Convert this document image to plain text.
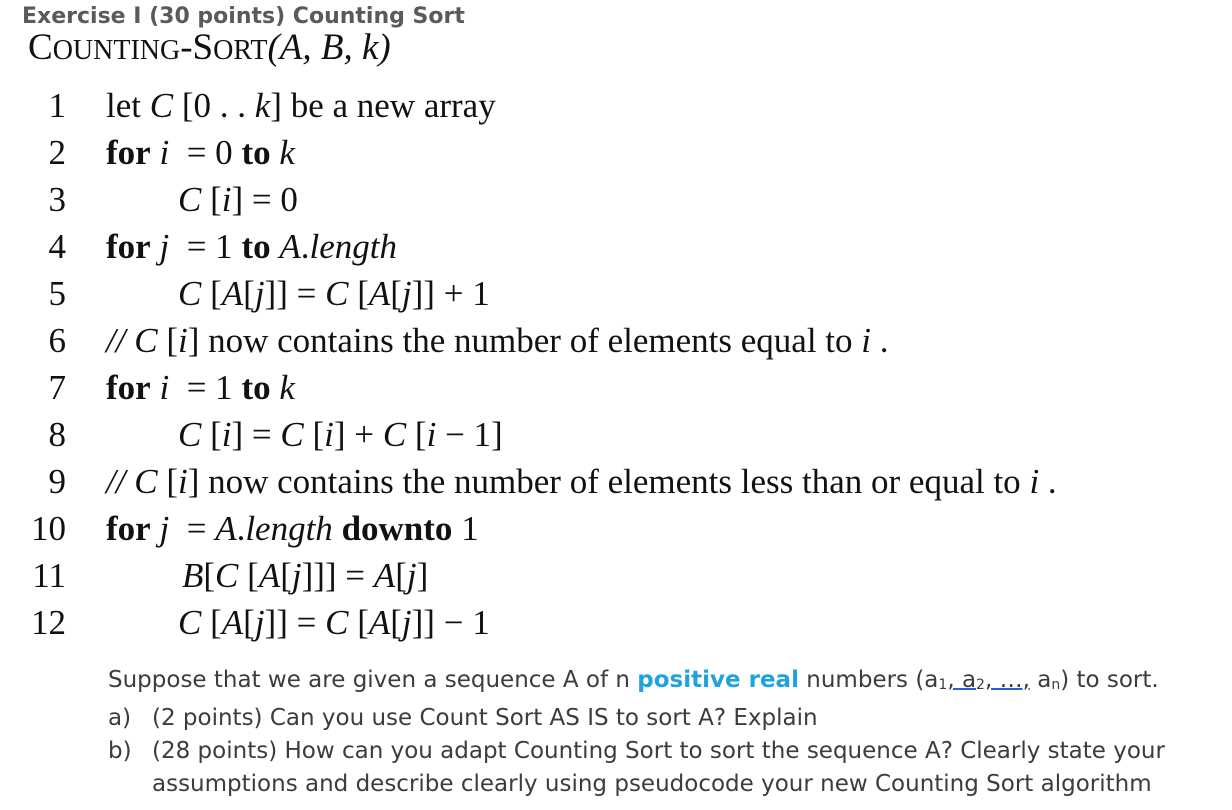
Exercise I (30 points) Counting Sort
COUNTING-SORT(A, B, k)
1 let C [0 . . k] be a new array
2 for i  = 0 to k
3	C [i] = 0
4 for j  = 1 to A.length
5	C [A[j]] = C [A[j]] + 1
6 // C [i] now contains the number of elements equal to i .
7 for i  = 1 to k
8	C [i] = C [i] + C [i − 1]
9 // C [i] now contains the number of elements less than or equal to i .
10 for j  = A.length downto 1
11	B[C [A[j]]] = A[j]
12	C [A[j]] = C [A[j]] − 1
Suppose that we are given a sequence A of n positive real numbers (a1, a2, …, an) to sort.
a) (2 points) Can you use Count Sort AS IS to sort A? Explain
b) (28 points) How can you adapt Counting Sort to sort the sequence A? Clearly state your assumptions and describe clearly using pseudocode your new Counting Sort algorithm
